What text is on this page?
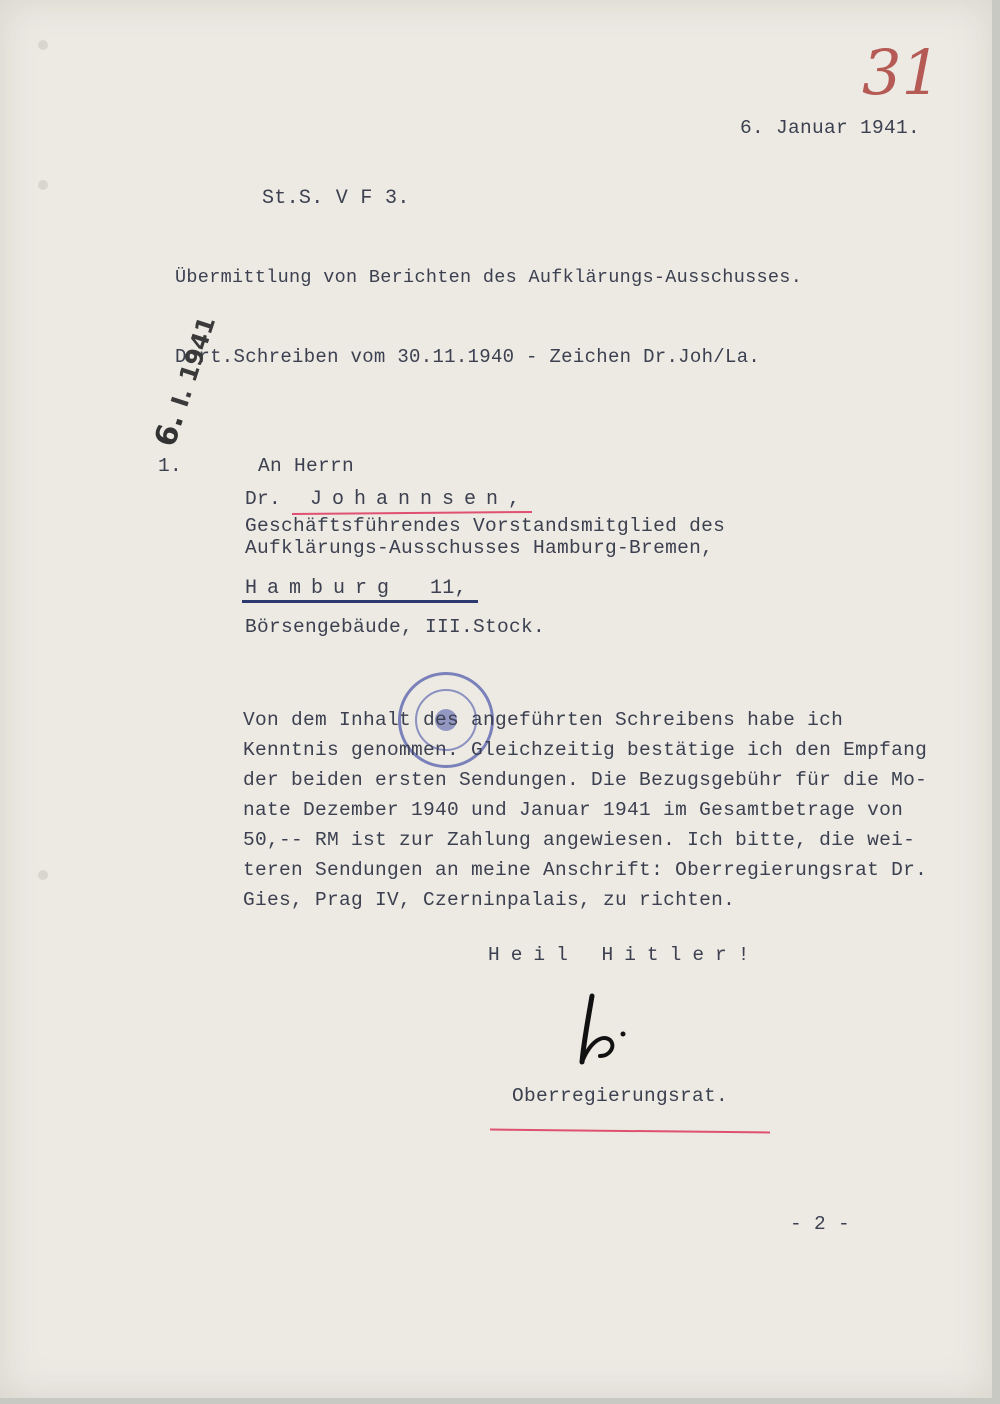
31
6. Januar 1941.
St.S. V F 3.
Übermittlung von Berichten des Aufklärungs-Ausschusses.
Dort.Schreiben vom 30.11.1940 - Zeichen Dr.Joh/La.
6. I. 1941
1.	An Herrn
Dr. Johannsen,
Geschäftsführendes Vorstandsmitglied des
Aufklärungs-Ausschusses Hamburg-Bremen,
Hamburg 11,
Börsengebäude, III.Stock.
Von dem Inhalt des angeführten Schreibens habe ich
Kenntnis genommen. Gleichzeitig bestätige ich den Empfang
der beiden ersten Sendungen. Die Bezugsgebühr für die Mo-
nate Dezember 1940 und Januar 1941 im Gesamtbetrage von
50,-- RM ist zur Zahlung angewiesen. Ich bitte, die wei-
teren Sendungen an meine Anschrift: Oberregierungsrat Dr.
Gies, Prag IV, Czerninpalais, zu richten.
Heil Hitler!
Oberregierungsrat.
- 2 -
